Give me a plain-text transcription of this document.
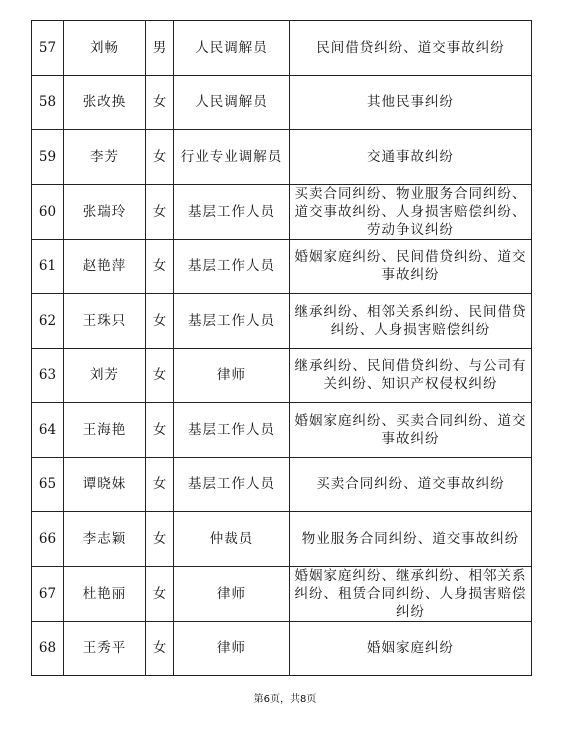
57	刘畅	男	人民调解员	民间借贷纠纷、道交事故纠纷
58	张改换	女	人民调解员	其他民事纠纷
59	李芳	女	行业专业调解员	交通事故纠纷
60	张瑞玲	女	基层工作人员	买卖合同纠纷、物业服务合同纠纷、道交事故纠纷、人身损害赔偿纠纷、劳动争议纠纷
61	赵艳萍	女	基层工作人员	婚姻家庭纠纷、民间借贷纠纷、道交事故纠纷
62	王珠只	女	基层工作人员	继承纠纷、相邻关系纠纷、民间借贷纠纷、人身损害赔偿纠纷
63	刘芳	女	律师	继承纠纷、民间借贷纠纷、与公司有关纠纷、知识产权侵权纠纷
64	王海艳	女	基层工作人员	婚姻家庭纠纷、买卖合同纠纷、道交事故纠纷
65	谭晓妹	女	基层工作人员	买卖合同纠纷、道交事故纠纷
66	李志颖	女	仲裁员	物业服务合同纠纷、道交事故纠纷
67	杜艳丽	女	律师	婚姻家庭纠纷、继承纠纷、相邻关系纠纷、租赁合同纠纷、人身损害赔偿纠纷
68	王秀平	女	律师	婚姻家庭纠纷
第6页，共8页
